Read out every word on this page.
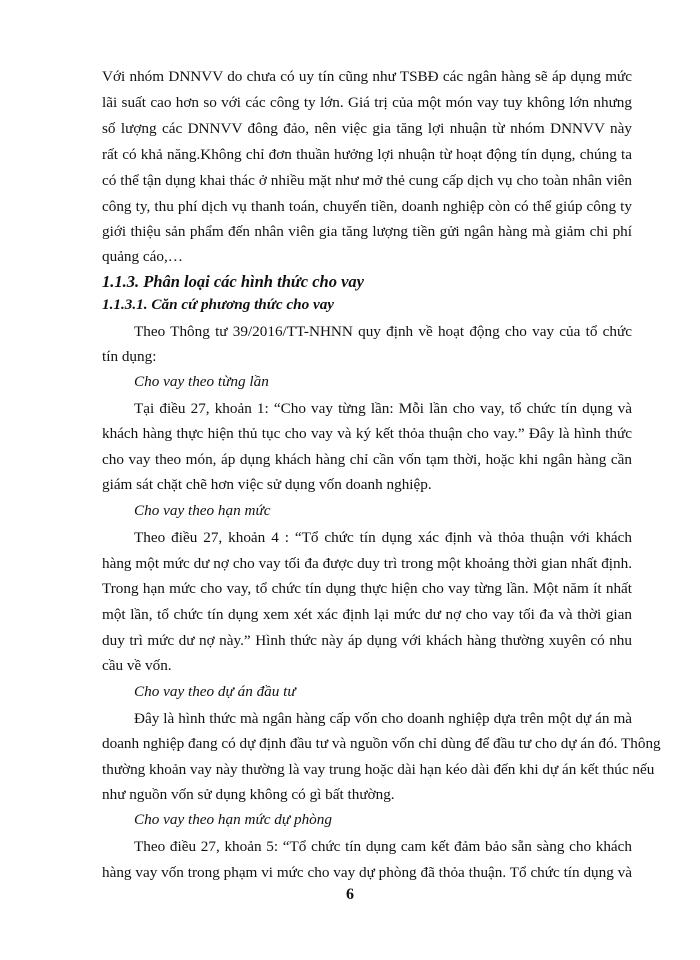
Với nhóm DNNVV do chưa có uy tín cũng như TSBĐ các ngân hàng sẽ áp dụng mức
lãi suất cao hơn so với các công ty lớn. Giá trị của một món vay tuy không lớn nhưng
số lượng các DNNVV đông đảo, nên việc gia tăng lợi nhuận từ nhóm DNNVV này
rất có khả năng.Không chỉ đơn thuần hưởng lợi nhuận từ hoạt động tín dụng, chúng ta
có thể tận dụng khai thác ở nhiều mặt như mở thẻ cung cấp dịch vụ cho toàn nhân viên
công ty, thu phí dịch vụ thanh toán, chuyển tiền, doanh nghiệp còn có thể giúp công ty
giới thiệu sản phẩm đến nhân viên gia tăng lượng tiền gửi ngân hàng mà giảm chi phí
quảng cáo,…
1.1.3. Phân loại các hình thức cho vay
1.1.3.1. Căn cứ phương thức cho vay
Theo Thông tư 39/2016/TT-NHNN quy định về hoạt động cho vay của tổ chức
tín dụng:
Cho vay theo từng lần
Tại điều 27, khoản 1: “Cho vay từng lần: Mỗi lần cho vay, tổ chức tín dụng và
khách hàng thực hiện thủ tục cho vay và ký kết thỏa thuận cho vay.” Đây là hình thức
cho vay theo món, áp dụng khách hàng chỉ cần vốn tạm thời, hoặc khi ngân hàng cần
giám sát chặt chẽ hơn việc sử dụng vốn doanh nghiệp.
Cho vay theo hạn mức
Theo điều 27, khoản 4 : “Tổ chức tín dụng xác định và thỏa thuận với khách
hàng một mức dư nợ cho vay tối đa được duy trì trong một khoảng thời gian nhất định.
Trong hạn mức cho vay, tổ chức tín dụng thực hiện cho vay từng lần. Một năm ít nhất
một lần, tổ chức tín dụng xem xét xác định lại mức dư nợ cho vay tối đa và thời gian
duy trì mức dư nợ này.” Hình thức này áp dụng với khách hàng thường xuyên có nhu
cầu về vốn.
Cho vay theo dự án đầu tư
Đây là hình thức mà ngân hàng cấp vốn cho doanh nghiệp dựa trên một dự án mà
doanh nghiệp đang có dự định đầu tư và nguồn vốn chỉ dùng để đầu tư cho dự án đó. Thông
thường khoản vay này thường là vay trung hoặc dài hạn kéo dài đến khi dự án kết thúc nếu
như nguồn vốn sử dụng không có gì bất thường.
Cho vay theo hạn mức dự phòng
Theo điều 27, khoản 5: “Tổ chức tín dụng cam kết đảm bảo sẵn sàng cho khách
hàng vay vốn trong phạm vi mức cho vay dự phòng đã thỏa thuận. Tổ chức tín dụng và
6
